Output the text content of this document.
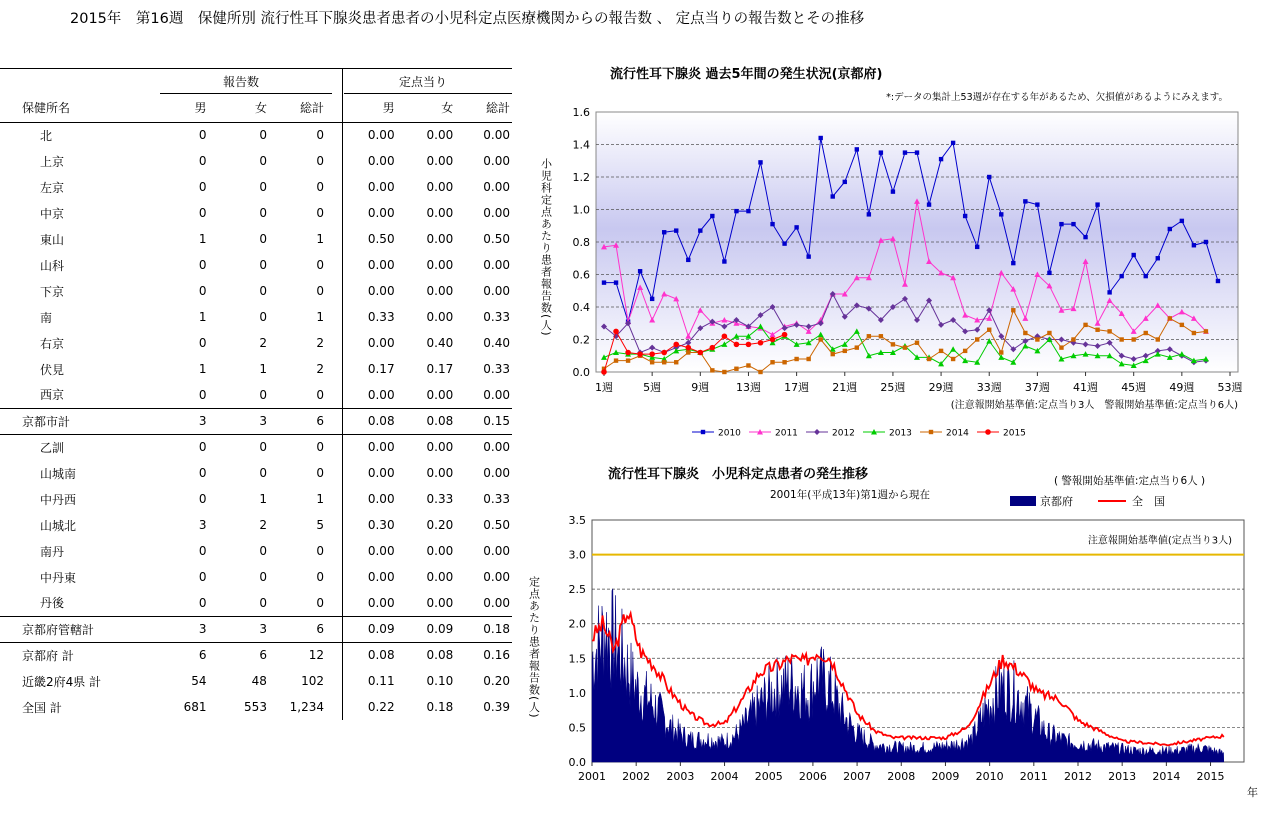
2015年　第16週　保健所別 流行性耳下腺炎患者患者の小児科定点医療機関からの報告数 、 定点当りの報告数とその推移
	報告数			定点当り		
保健所名	男	女	総計	男	女	総計
北	0	0	0	0.00	0.00	0.00
上京	0	0	0	0.00	0.00	0.00
左京	0	0	0	0.00	0.00	0.00
中京	0	0	0	0.00	0.00	0.00
東山	1	0	1	0.50	0.00	0.50
山科	0	0	0	0.00	0.00	0.00
下京	0	0	0	0.00	0.00	0.00
南	1	0	1	0.33	0.00	0.33
右京	0	2	2	0.00	0.40	0.40
伏見	1	1	2	0.17	0.17	0.33
西京	0	0	0	0.00	0.00	0.00
京都市計	3	3	6	0.08	0.08	0.15
乙訓	0	0	0	0.00	0.00	0.00
山城南	0	0	0	0.00	0.00	0.00
中丹西	0	1	1	0.00	0.33	0.33
山城北	3	2	5	0.30	0.20	0.50
南丹	0	0	0	0.00	0.00	0.00
中丹東	0	0	0	0.00	0.00	0.00
丹後	0	0	0	0.00	0.00	0.00
京都府管轄計	3	3	6	0.09	0.09	0.18
京都府 計	6	6	12	0.08	0.08	0.16
近畿2府4県 計	54	48	102	0.11	0.10	0.20
全国 計	681	553	1,234	0.22	0.18	0.39
流行性耳下腺炎 過去5年間の発生状況(京都府)
*:データの集計上53週が存在する年があるため、欠損値があるようにみえます。
0.0
0.2
0.4
0.6
0.8
1.0
1.2
1.4
1.6
1週	5週	9週 13週 17週 21週 25週 29週 33週 37週 41週 45週 49週 53週
(注意報開始基準値:定点当り3人　警報開始基準値:定点当り6人)
小児科定点あたり患者報告数(人)
2010	2011	2012	2013	2014	2015
流行性耳下腺炎　小児科定点患者の発生推移
2001年(平成13年)第1週から現在
( 警報開始基準値:定点当り6人 )
京都府	全　国
0.0
0.5
1.0
1.5
2.0
2.5
3.0
3.5
注意報開始基準値(定点当り3人)
2001 2002 2003 2004 2005 2006 2007 2008 2009 2010 2011 2012 2013 2014 2015
年
定点あたり患者報告数(人)
